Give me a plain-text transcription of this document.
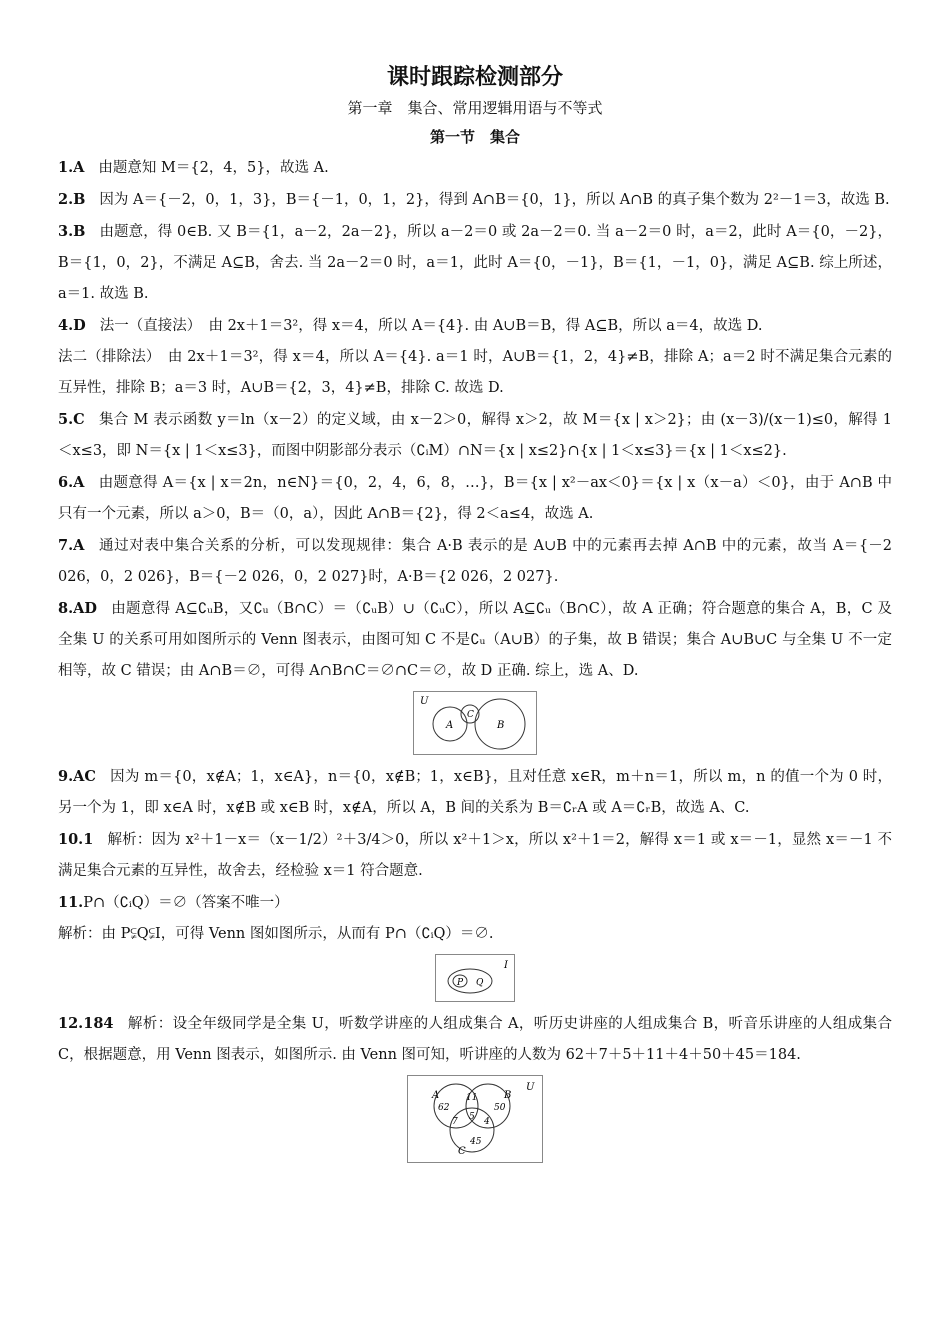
课时跟踪检测部分

第一章　集合、常用逻辑用语与不等式

第一节　集合

1.A 由题意知 M＝{2，4，5}，故选 A.

2.B 因为 A＝{－2，0，1，3}，B＝{－1，0，1，2}，得到 A∩B＝{0，1}，所以 A∩B 的真子集个数为 2²－1＝3，故选 B.

3.B 由题意，得 0∈B. 又 B＝{1，a－2，2a－2}，所以 a－2＝0 或 2a－2＝0. 当 a－2＝0 时，a＝2，此时 A＝{0，－2}，B＝{1，0，2}，不满足 A⊆B，舍去. 当 2a－2＝0 时，a＝1，此时 A＝{0，－1}，B＝{1，－1，0}，满足 A⊆B. 综上所述，a＝1. 故选 B.

4.D 法一（直接法）　由 2x＋1＝3²，得 x＝4，所以 A＝{4}. 由 A∪B＝B，得 A⊆B，所以 a＝4，故选 D.

法二（排除法）　由 2x＋1＝3²，得 x＝4，所以 A＝{4}. a＝1 时，A∪B＝{1，2，4}≠B，排除 A；a＝2 时不满足集合元素的互异性，排除 B；a＝3 时，A∪B＝{2，3，4}≠B，排除 C. 故选 D.

5.C 集合 M 表示函数 y＝ln（x－2）的定义域，由 x－2＞0，解得 x＞2，故 M＝{x | x＞2}；由 (x－3)/(x－1)≤0，解得 1＜x≤3，即 N＝{x | 1＜x≤3}，而图中阴影部分表示（∁ᵢM）∩N＝{x | x≤2}∩{x | 1＜x≤3}＝{x | 1＜x≤2}.

6.A 由题意得 A＝{x | x＝2n，n∈N}＝{0，2，4，6，8，…}，B＝{x | x²－ax＜0}＝{x | x（x－a）＜0}，由于 A∩B 中只有一个元素，所以 a＞0，B＝（0，a），因此 A∩B＝{2}，得 2＜a≤4，故选 A.

7.A 通过对表中集合关系的分析，可以发现规律：集合 A·B 表示的是 A∪B 中的元素再去掉 A∩B 中的元素，故当 A＝{－2 026，0，2 026}，B＝{－2 026，0，2 027}时，A·B＝{2 026，2 027}.

8.AD 由题意得 A⊆∁ᵤB，又∁ᵤ（B∩C）＝（∁ᵤB）∪（∁ᵤC），所以 A⊆∁ᵤ（B∩C），故 A 正确；符合题意的集合 A，B，C 及全集 U 的关系可用如图所示的 Venn 图表示，由图可知 C 不是∁ᵤ（A∪B）的子集，故 B 错误；集合 A∪B∪C 与全集 U 不一定相等，故 C 错误；由 A∩B＝∅，可得 A∩B∩C＝∅∩C＝∅，故 D 正确. 综上，选 A、D.

U
A
C
B

9.AC 因为 m＝{0，x∉A；1，x∈A}，n＝{0，x∉B；1，x∈B}，且对任意 x∈R，m＋n＝1，所以 m，n 的值一个为 0 时，另一个为 1，即 x∈A 时，x∉B 或 x∈B 时，x∉A，所以 A，B 间的关系为 B＝∁ᵣA 或 A＝∁ᵣB，故选 A、C.

10.1 解析：因为 x²＋1－x＝（x－1/2）²＋3/4＞0，所以 x²＋1＞x，所以 x²＋1＝2，解得 x＝1 或 x＝－1，显然 x＝－1 不满足集合元素的互异性，故舍去，经检验 x＝1 符合题意.

11.P∩（∁ᵢQ）＝∅（答案不唯一）

解析：由 P⫋Q⫋I，可得 Venn 图如图所示，从而有 P∩（∁ᵢQ）＝∅.

I
P Q

12.184 解析：设全年级同学是全集 U，听数学讲座的人组成集合 A，听历史讲座的人组成集合 B，听音乐讲座的人组成集合 C，根据题意，用 Venn 图表示，如图所示. 由 Venn 图可知，听讲座的人数为 62＋7＋5＋11＋4＋50＋45＝184.

U
A	B
C
62
11
50
7 5 4
45
